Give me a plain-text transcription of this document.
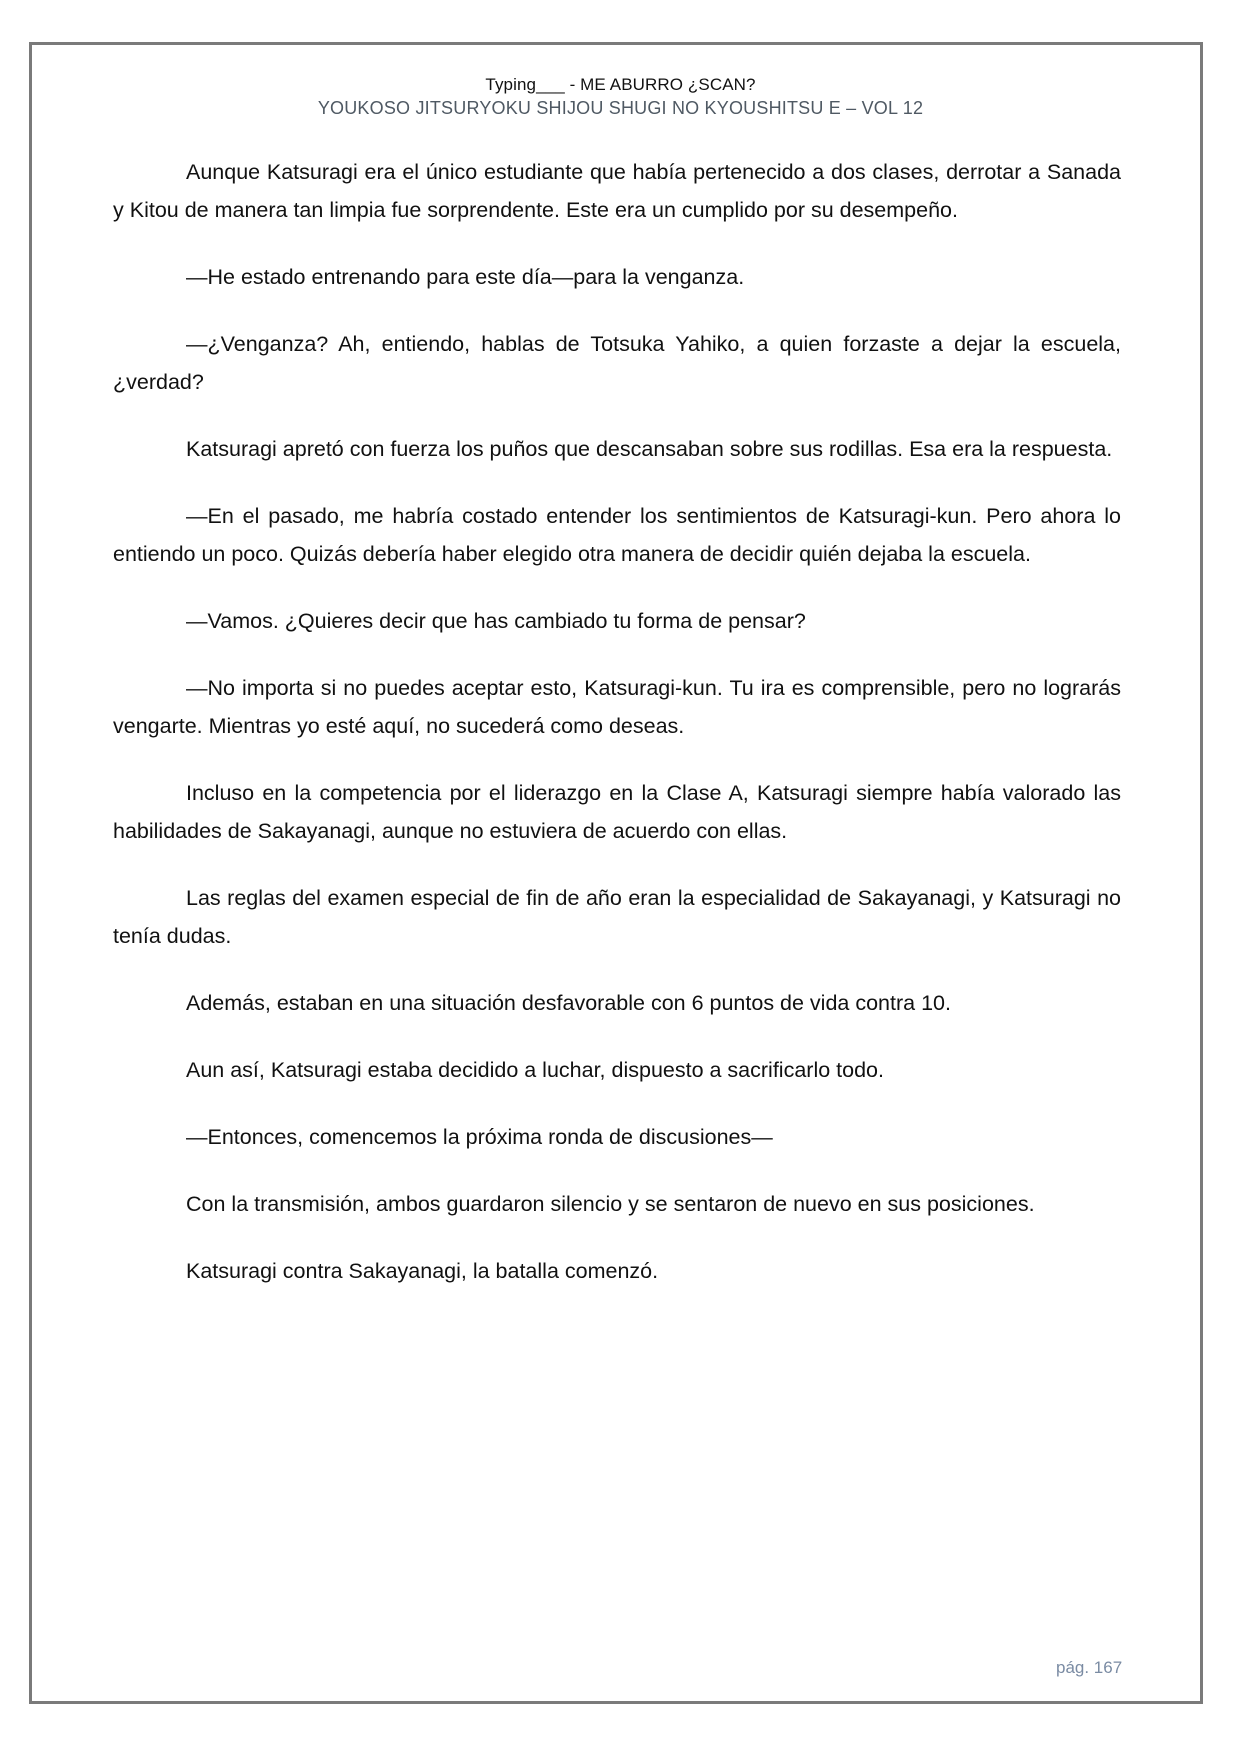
Typing___ - ME ABURRO ¿SCAN?
YOUKOSO JITSURYOKU SHIJOU SHUGI NO KYOUSHITSU E – VOL 12

Aunque Katsuragi era el único estudiante que había pertenecido a dos clases, derrotar a Sanada y Kitou de manera tan limpia fue sorprendente. Este era un cumplido por su desempeño.

—He estado entrenando para este día—para la venganza.

—¿Venganza? Ah, entiendo, hablas de Totsuka Yahiko, a quien forzaste a dejar la escuela, ¿verdad?

Katsuragi apretó con fuerza los puños que descansaban sobre sus rodillas. Esa era la respuesta.

—En el pasado, me habría costado entender los sentimientos de Katsuragi-kun. Pero ahora lo entiendo un poco. Quizás debería haber elegido otra manera de decidir quién dejaba la escuela.

—Vamos. ¿Quieres decir que has cambiado tu forma de pensar?

—No importa si no puedes aceptar esto, Katsuragi-kun. Tu ira es comprensible, pero no lograrás vengarte. Mientras yo esté aquí, no sucederá como deseas.

Incluso en la competencia por el liderazgo en la Clase A, Katsuragi siempre había valorado las habilidades de Sakayanagi, aunque no estuviera de acuerdo con ellas.

Las reglas del examen especial de fin de año eran la especialidad de Sakayanagi, y Katsuragi no tenía dudas.

Además, estaban en una situación desfavorable con 6 puntos de vida contra 10.

Aun así, Katsuragi estaba decidido a luchar, dispuesto a sacrificarlo todo.

—Entonces, comencemos la próxima ronda de discusiones—

Con la transmisión, ambos guardaron silencio y se sentaron de nuevo en sus posiciones.

Katsuragi contra Sakayanagi, la batalla comenzó.

pág. 167
